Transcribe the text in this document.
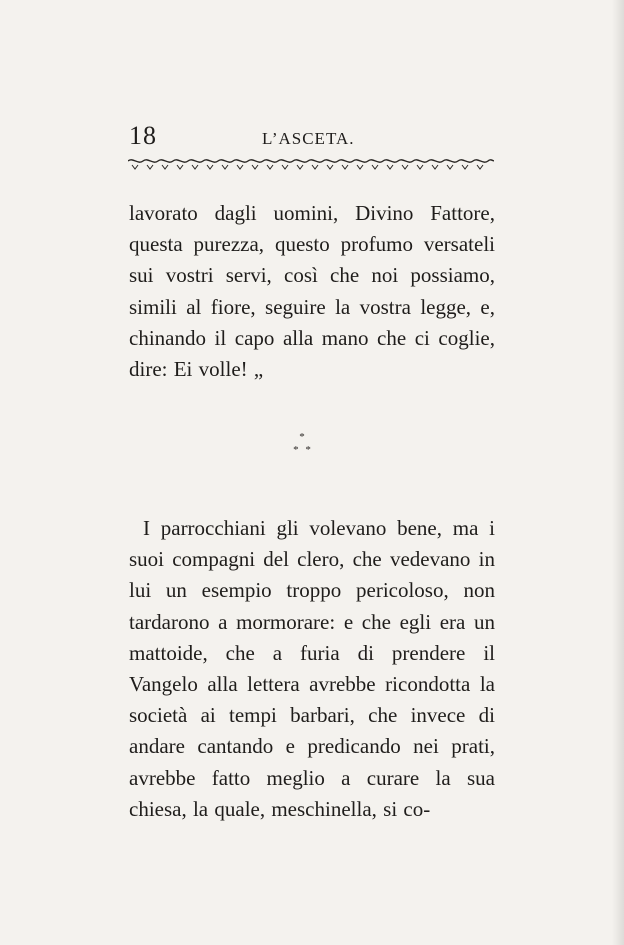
18	L’ASCETA.

lavorato dagli uomini, Divino Fattore, questa purezza, questo profumo versateli sui vostri servi, così che noi possiamo, simili al fiore, seguire la vostra legge, e, chinando il capo alla mano che ci coglie, dire: Ei volle! „

*
* *

I parrocchiani gli volevano bene, ma i suoi compagni del clero, che vedevano in lui un esempio troppo pericoloso, non tardarono a mormorare: e che egli era un mattoide, che a furia di prendere il Vangelo alla lettera avrebbe ricondotta la società ai tempi barbari, che invece di andare cantando e predicando nei prati, avrebbe fatto meglio a curare la sua chiesa, la quale, meschinella, si co-
